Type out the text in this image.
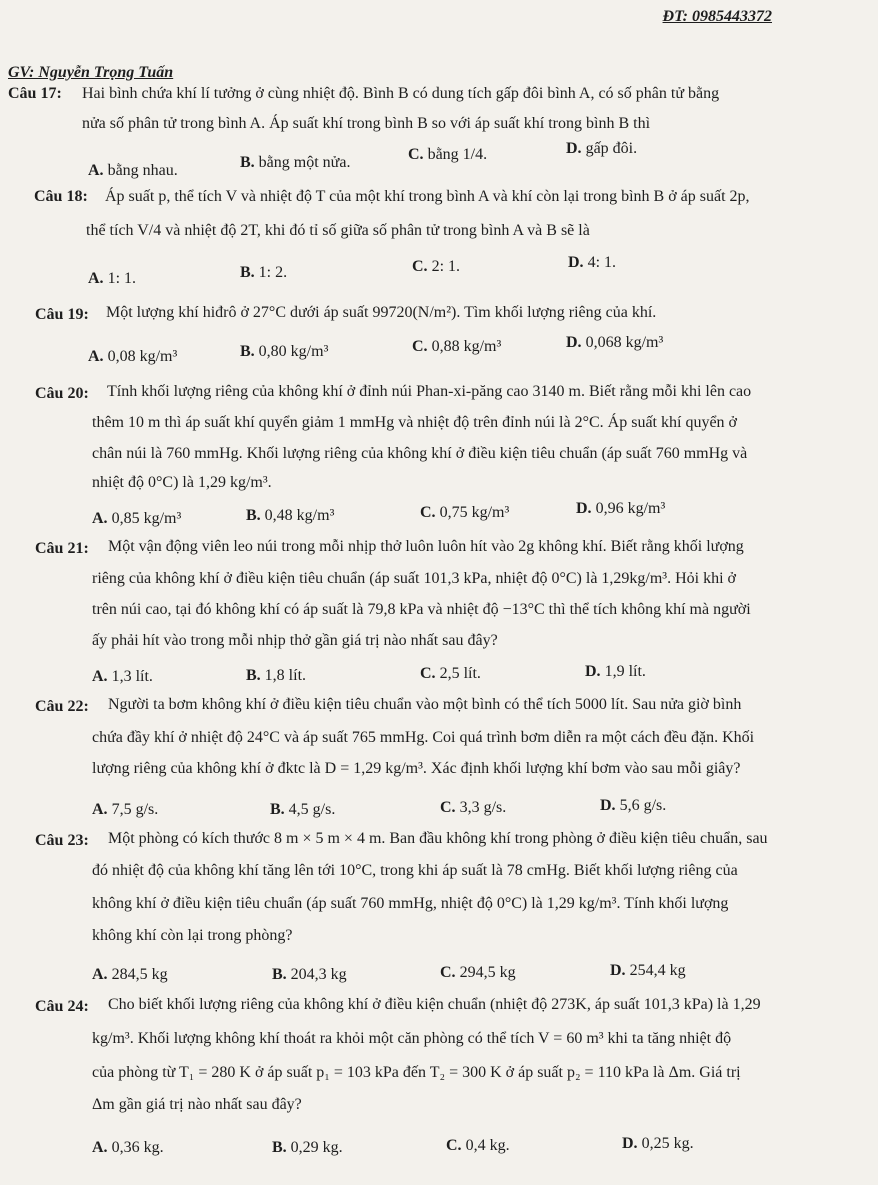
ĐT: 0985443372
GV: Nguyễn Trọng Tuấn
Câu 17: Hai bình chứa khí lí tưởng ở cùng nhiệt độ. Bình B có dung tích gấp đôi bình A, có số phân tử bằng
nửa số phân tử trong bình A. Áp suất khí trong bình B so với áp suất khí trong bình B thì
A. bằng nhau.	B. bằng một nửa.	C. bằng 1/4.	D. gấp đôi.
Câu 18: Áp suất p, thể tích V và nhiệt độ T của một khí trong bình A và khí còn lại trong bình B ở áp suất 2p,
thể tích V/4 và nhiệt độ 2T, khi đó tỉ số giữa số phân tử trong bình A và B sẽ là
A. 1: 1.	B. 1: 2.	C. 2: 1.	D. 4: 1.
Câu 19: Một lượng khí hiđrô ở 27°C dưới áp suất 99720(N/m²). Tìm khối lượng riêng của khí.
A. 0,08 kg/m³	B. 0,80 kg/m³	C. 0,88 kg/m³	D. 0,068 kg/m³
Câu 20: Tính khối lượng riêng của không khí ở đỉnh núi Phan-xi-păng cao 3140 m. Biết rằng mỗi khi lên cao
thêm 10 m thì áp suất khí quyển giảm 1 mmHg và nhiệt độ trên đỉnh núi là 2°C. Áp suất khí quyển ở
chân núi là 760 mmHg. Khối lượng riêng của không khí ở điều kiện tiêu chuẩn (áp suất 760 mmHg và
nhiệt độ 0°C) là 1,29 kg/m³.
A. 0,85 kg/m³	B. 0,48 kg/m³	C. 0,75 kg/m³	D. 0,96 kg/m³
Câu 21: Một vận động viên leo núi trong mỗi nhịp thở luôn luôn hít vào 2g không khí. Biết rằng khối lượng
riêng của không khí ở điều kiện tiêu chuẩn (áp suất 101,3 kPa, nhiệt độ 0°C) là 1,29kg/m³. Hỏi khi ở
trên núi cao, tại đó không khí có áp suất là 79,8 kPa và nhiệt độ −13°C thì thể tích không khí mà người
ấy phải hít vào trong mỗi nhịp thở gần giá trị nào nhất sau đây?
A. 1,3 lít.	B. 1,8 lít.	C. 2,5 lít.	D. 1,9 lít.
Câu 22: Người ta bơm không khí ở điều kiện tiêu chuẩn vào một bình có thể tích 5000 lít. Sau nửa giờ bình
chứa đầy khí ở nhiệt độ 24°C và áp suất 765 mmHg. Coi quá trình bơm diễn ra một cách đều đặn. Khối
lượng riêng của không khí ở đktc là D = 1,29 kg/m³. Xác định khối lượng khí bơm vào sau mỗi giây?
A. 7,5 g/s.	B. 4,5 g/s.	C. 3,3 g/s.	D. 5,6 g/s.
Câu 23: Một phòng có kích thước 8 m × 5 m × 4 m. Ban đầu không khí trong phòng ở điều kiện tiêu chuẩn, sau
đó nhiệt độ của không khí tăng lên tới 10°C, trong khi áp suất là 78 cmHg. Biết khối lượng riêng của
không khí ở điều kiện tiêu chuẩn (áp suất 760 mmHg, nhiệt độ 0°C) là 1,29 kg/m³. Tính khối lượng
không khí còn lại trong phòng?
A. 284,5 kg	B. 204,3 kg	C. 294,5 kg	D. 254,4 kg
Câu 24: Cho biết khối lượng riêng của không khí ở điều kiện chuẩn (nhiệt độ 273K, áp suất 101,3 kPa) là 1,29
kg/m³. Khối lượng không khí thoát ra khỏi một căn phòng có thể tích V = 60 m³ khi ta tăng nhiệt độ
của phòng từ T₁ = 280 K ở áp suất p₁ = 103 kPa đến T₂ = 300 K ở áp suất p₂ = 110 kPa là Δm. Giá trị
Δm gần giá trị nào nhất sau đây?
A. 0,36 kg.	B. 0,29 kg.	C. 0,4 kg.	D. 0,25 kg.
